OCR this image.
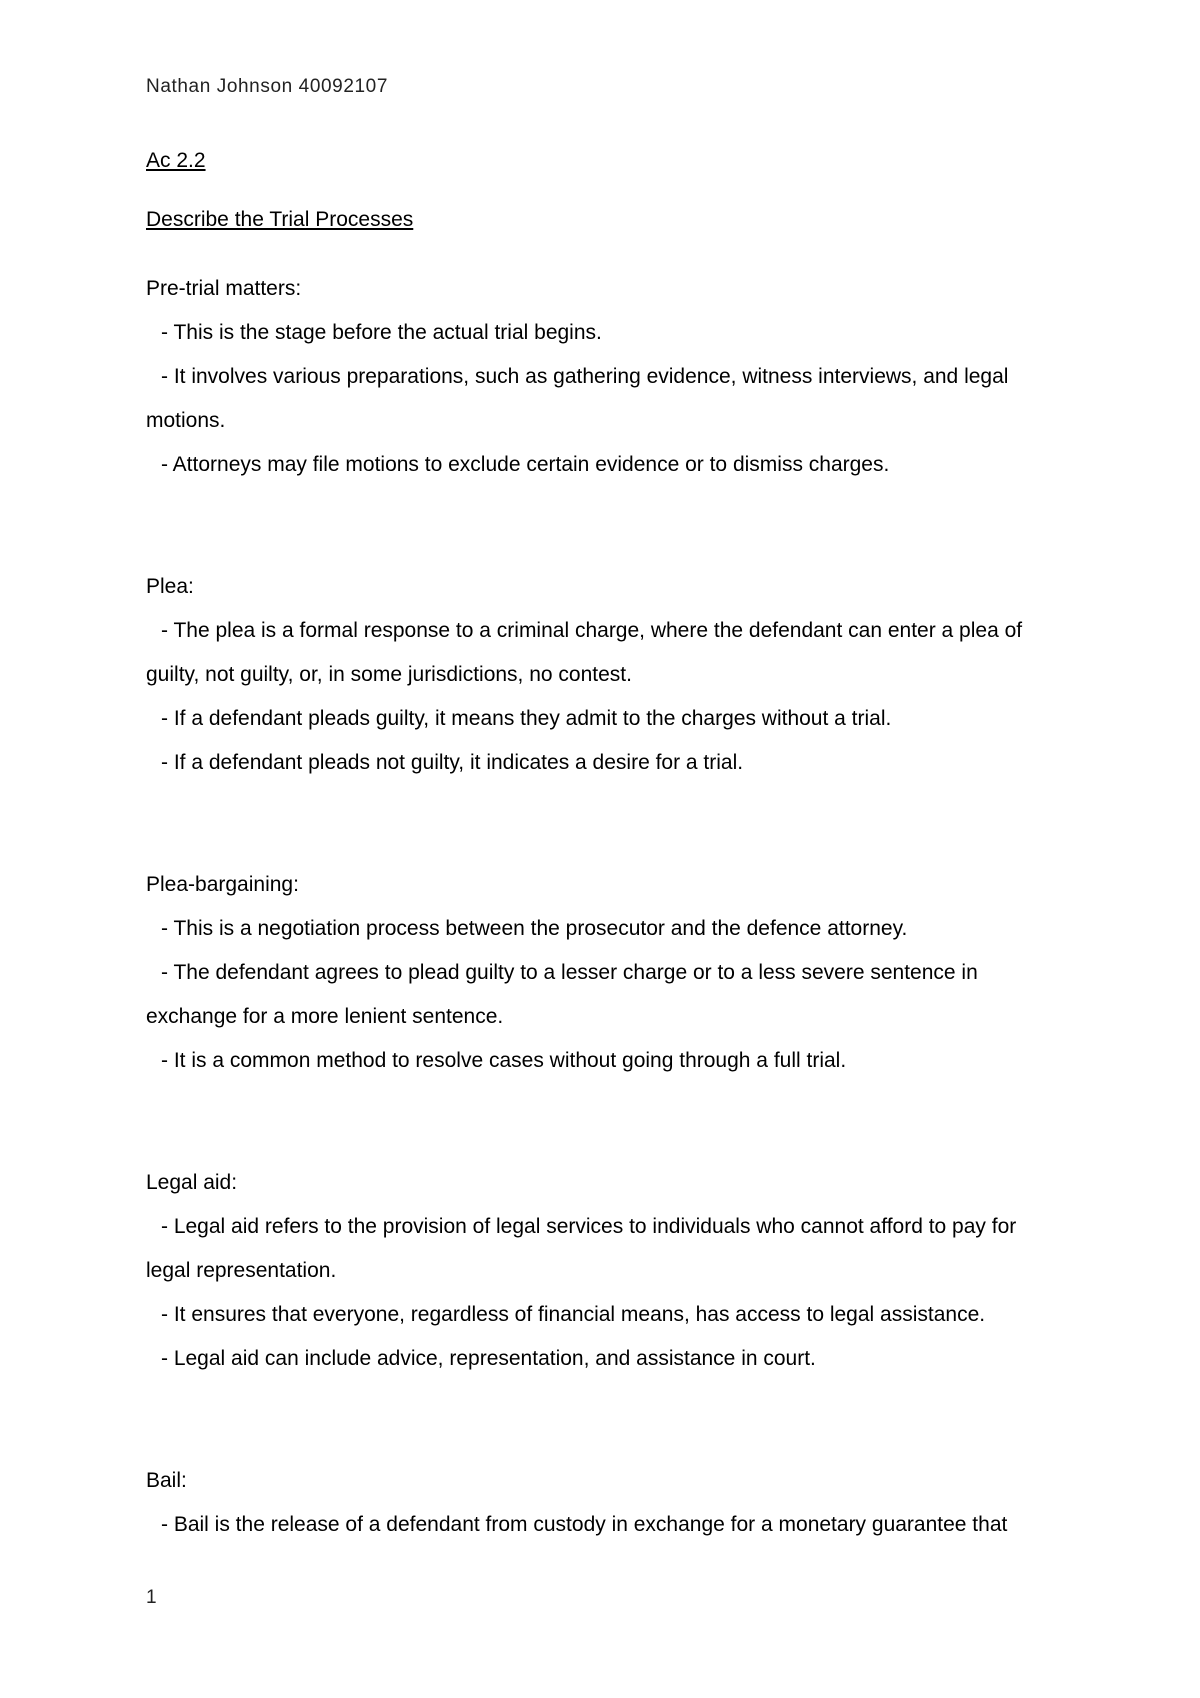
Nathan Johnson 40092107
Ac 2.2
Describe the Trial Processes
Pre-trial matters:
- This is the stage before the actual trial begins.
- It involves various preparations, such as gathering evidence, witness interviews, and legal motions.
- Attorneys may file motions to exclude certain evidence or to dismiss charges.
Plea:
- The plea is a formal response to a criminal charge, where the defendant can enter a plea of guilty, not guilty, or, in some jurisdictions, no contest.
- If a defendant pleads guilty, it means they admit to the charges without a trial.
- If a defendant pleads not guilty, it indicates a desire for a trial.
Plea-bargaining:
- This is a negotiation process between the prosecutor and the defence attorney.
- The defendant agrees to plead guilty to a lesser charge or to a less severe sentence in exchange for a more lenient sentence.
- It is a common method to resolve cases without going through a full trial.
Legal aid:
- Legal aid refers to the provision of legal services to individuals who cannot afford to pay for legal representation.
- It ensures that everyone, regardless of financial means, has access to legal assistance.
- Legal aid can include advice, representation, and assistance in court.
Bail:
- Bail is the release of a defendant from custody in exchange for a monetary guarantee that
1
